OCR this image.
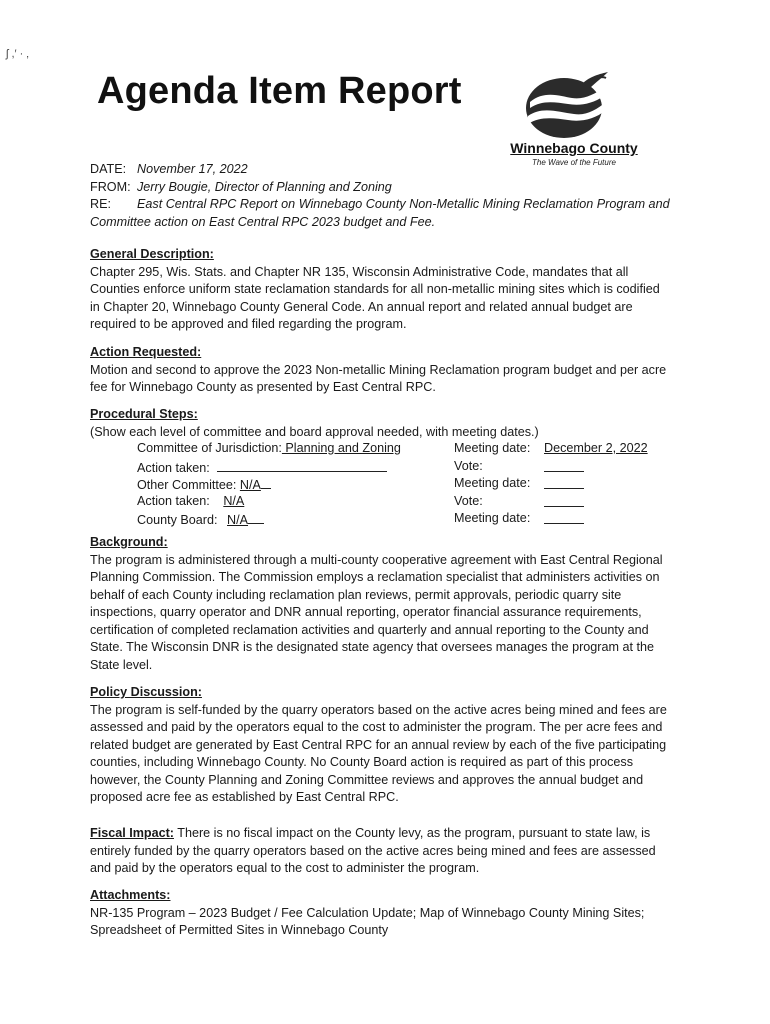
ʃ ,′ · ‚
Agenda Item Report
Winnebago County
The Wave of the Future
DATE: November 17, 2022
FROM: Jerry Bougie, Director of Planning and Zoning
RE: East Central RPC Report on Winnebago County Non-Metallic Mining Reclamation Program and
Committee action on East Central RPC 2023 budget and Fee.
General Description:

Chapter 295, Wis. Stats. and Chapter NR 135, Wisconsin Administrative Code, mandates that all

Counties enforce uniform state reclamation standards for all non-metallic mining sites which is codified

in Chapter 20, Winnebago County General Code. An annual report and related annual budget are

required to be approved and filed regarding the program.

Action Requested:

Motion and second to approve the 2023 Non-metallic Mining Reclamation program budget and per acre

fee for Winnebago County as presented by East Central RPC.

Procedural Steps:

(Show each level of committee and board approval needed, with meeting dates.)

Committee of Jurisdiction: Planning and Zoning	Meeting date: December 2, 2022
Action taken:	Vote:
Other Committee: N/A	Meeting date:
Action taken: N/A	Vote:
County Board: N/A	Meeting date:
Background:

The program is administered through a multi-county cooperative agreement with East Central Regional

Planning Commission. The Commission employs a reclamation specialist that administers activities on

behalf of each County including reclamation plan reviews, permit approvals, periodic quarry site

inspections, quarry operator and DNR annual reporting, operator financial assurance requirements,

certification of completed reclamation activities and quarterly and annual reporting to the County and

State. The Wisconsin DNR is the designated state agency that oversees manages the program at the

State level.

Policy Discussion:

The program is self-funded by the quarry operators based on the active acres being mined and fees are

assessed and paid by the operators equal to the cost to administer the program. The per acre fees and

related budget are generated by East Central RPC for an annual review by each of the five participating

counties, including Winnebago County. No County Board action is required as part of this process

however, the County Planning and Zoning Committee reviews and approves the annual budget and

proposed acre fee as established by East Central RPC.

Fiscal Impact: There is no fiscal impact on the County levy, as the program, pursuant to state law, is

entirely funded by the quarry operators based on the active acres being mined and fees are assessed

and paid by the operators equal to the cost to administer the program.

Attachments:

NR-135 Program – 2023 Budget / Fee Calculation Update; Map of Winnebago County Mining Sites;

Spreadsheet of Permitted Sites in Winnebago County
